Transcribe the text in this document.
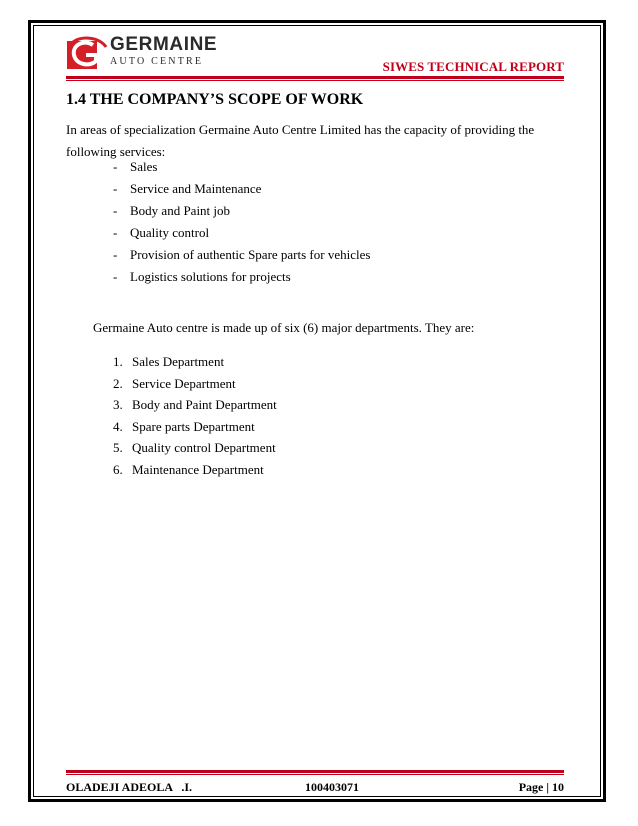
GERMAINE
AUTO CENTRE	SIWES TECHNICAL REPORT
1.4 THE COMPANY’S SCOPE OF WORK
In areas of specialization Germaine Auto Centre Limited has the capacity of providing the following services:
- Sales
- Service and Maintenance
- Body and Paint job
- Quality control
- Provision of authentic Spare parts for vehicles
- Logistics solutions for projects
Germaine Auto centre is made up of six (6) major departments. They are:
1. Sales Department
2. Service Department
3. Body and Paint Department
4. Spare parts Department
5. Quality control Department
6. Maintenance Department
OLADEJI ADEOLA   .I.	100403071	Page | 10
